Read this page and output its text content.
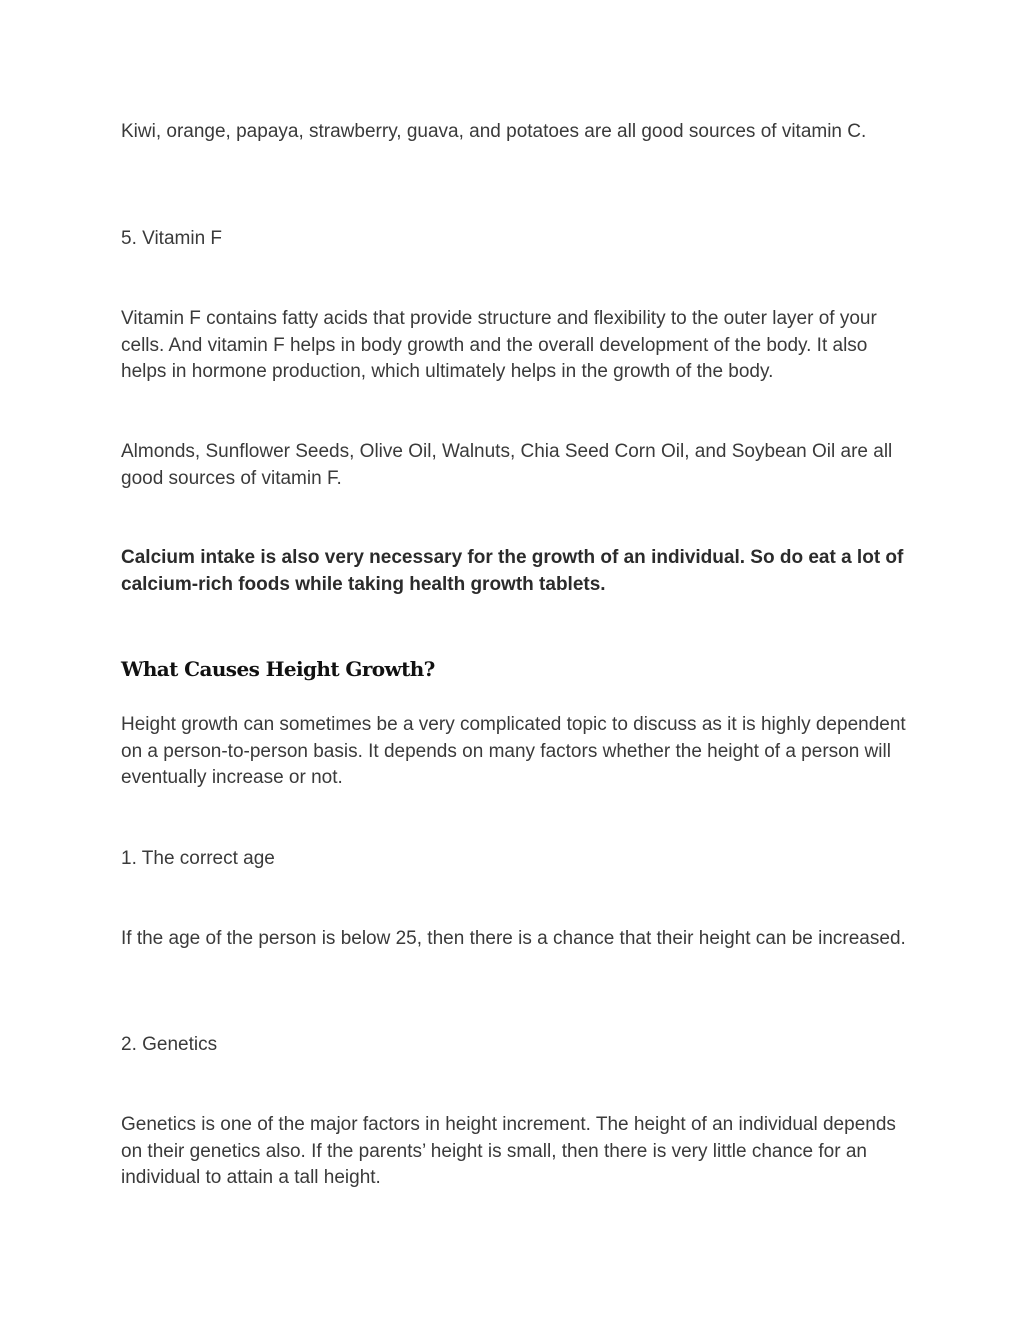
Kiwi, orange, papaya, strawberry, guava, and potatoes are all good sources of vitamin C.

5. Vitamin F

Vitamin F contains fatty acids that provide structure and flexibility to the outer layer of your cells. And vitamin F helps in body growth and the overall development of the body. It also helps in hormone production, which ultimately helps in the growth of the body.

Almonds, Sunflower Seeds, Olive Oil, Walnuts, Chia Seed Corn Oil, and Soybean Oil are all good sources of vitamin F.

Calcium intake is also very necessary for the growth of an individual. So do eat a lot of calcium-rich foods while taking health growth tablets.

What Causes Height Growth?

Height growth can sometimes be a very complicated topic to discuss as it is highly dependent on a person-to-person basis. It depends on many factors whether the height of a person will eventually increase or not.

1. The correct age

If the age of the person is below 25, then there is a chance that their height can be increased.

2. Genetics

Genetics is one of the major factors in height increment. The height of an individual depends on their genetics also. If the parents’ height is small, then there is very little chance for an individual to attain a tall height.
